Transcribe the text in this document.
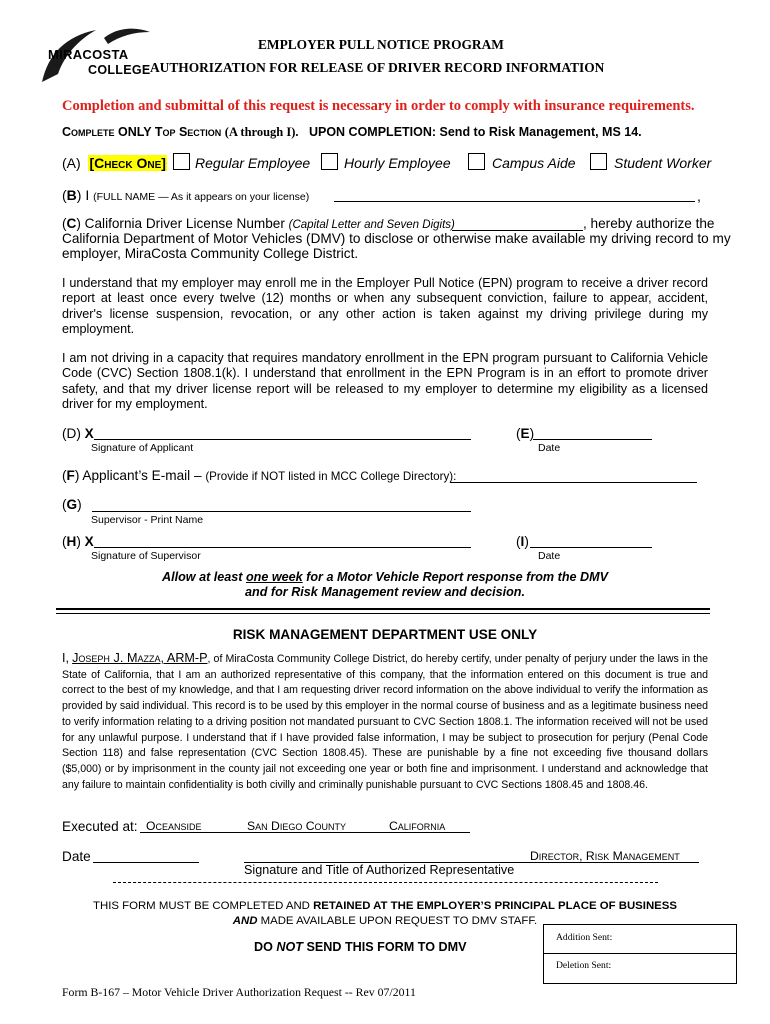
MIRACOSTA
COLLEGE
EMPLOYER PULL NOTICE PROGRAM
AUTHORIZATION FOR RELEASE OF DRIVER RECORD INFORMATION
Completion and submittal of this request is necessary in order to comply with insurance requirements.
Complete ONLY Top Section (A through I). UPON COMPLETION: Send to Risk Management, MS 14.
(A)  [Check One] Regular Employee Hourly Employee	Campus Aide	Student Worker
(B) I (FULL NAME — As it appears on your license)	,
(C) California Driver License Number (Capital Letter and Seven Digits)	, hereby authorize the
California Department of Motor Vehicles (DMV) to disclose or otherwise make available my driving record to my
employer, MiraCosta Community College District.
I understand that my employer may enroll me in the Employer Pull Notice (EPN) program to receive a driver record report at least once every twelve (12) months or when any subsequent conviction, failure to appear, accident, driver's license suspension, revocation, or any other action is taken against my driving privilege during my employment.
I am not driving in a capacity that requires mandatory enrollment in the EPN program pursuant to California Vehicle Code (CVC) Section 1808.1(k). I understand that enrollment in the EPN Program is in an effort to promote driver safety, and that my driver license report will be released to my employer to determine my eligibility as a licensed driver for my employment.
(D) X
Signature of Applicant
(E)
Date
(F) Applicant’s E-mail – (Provide if NOT listed in MCC College Directory):
(G)
Supervisor - Print Name
(H) X
Signature of Supervisor
(I)
Date
Allow at least one week for a Motor Vehicle Report response from the DMV
and for Risk Management review and decision.
RISK MANAGEMENT DEPARTMENT USE ONLY
I, Joseph J. Mazza, ARM-P, of MiraCosta Community College District, do hereby certify, under penalty of perjury under the laws in the State of California, that I am an authorized representative of this company, that the information entered on this document is true and correct to the best of my knowledge, and that I am requesting driver record information on the above individual to verify the information as provided by said individual. This record is to be used by this employer in the normal course of business and as a legitimate business need to verify information relating to a driving position not mandated pursuant to CVC Section 1808.1. The information received will not be used for any unlawful purpose. I understand that if I have provided false information, I may be subject to prosecution for perjury (Penal Code Section 118) and false representation (CVC Section 1808.45). These are punishable by a fine not exceeding five thousand dollars ($5,000) or by imprisonment in the county jail not exceeding one year or both fine and imprisonment. I understand and acknowledge that any failure to maintain confidentiality is both civilly and criminally punishable pursuant to CVC Sections 1808.45 and 1808.46.
Executed at: Oceanside	San Diego County	California
Date	Director, Risk Management
Signature and Title of Authorized Representative
THIS FORM MUST BE COMPLETED AND RETAINED AT THE EMPLOYER’S PRINCIPAL PLACE OF BUSINESS
AND MADE AVAILABLE UPON REQUEST TO DMV STAFF.
DO NOT SEND THIS FORM TO DMV
Addition Sent:
Deletion Sent:
Form B-167 – Motor Vehicle Driver Authorization Request -- Rev 07/2011
